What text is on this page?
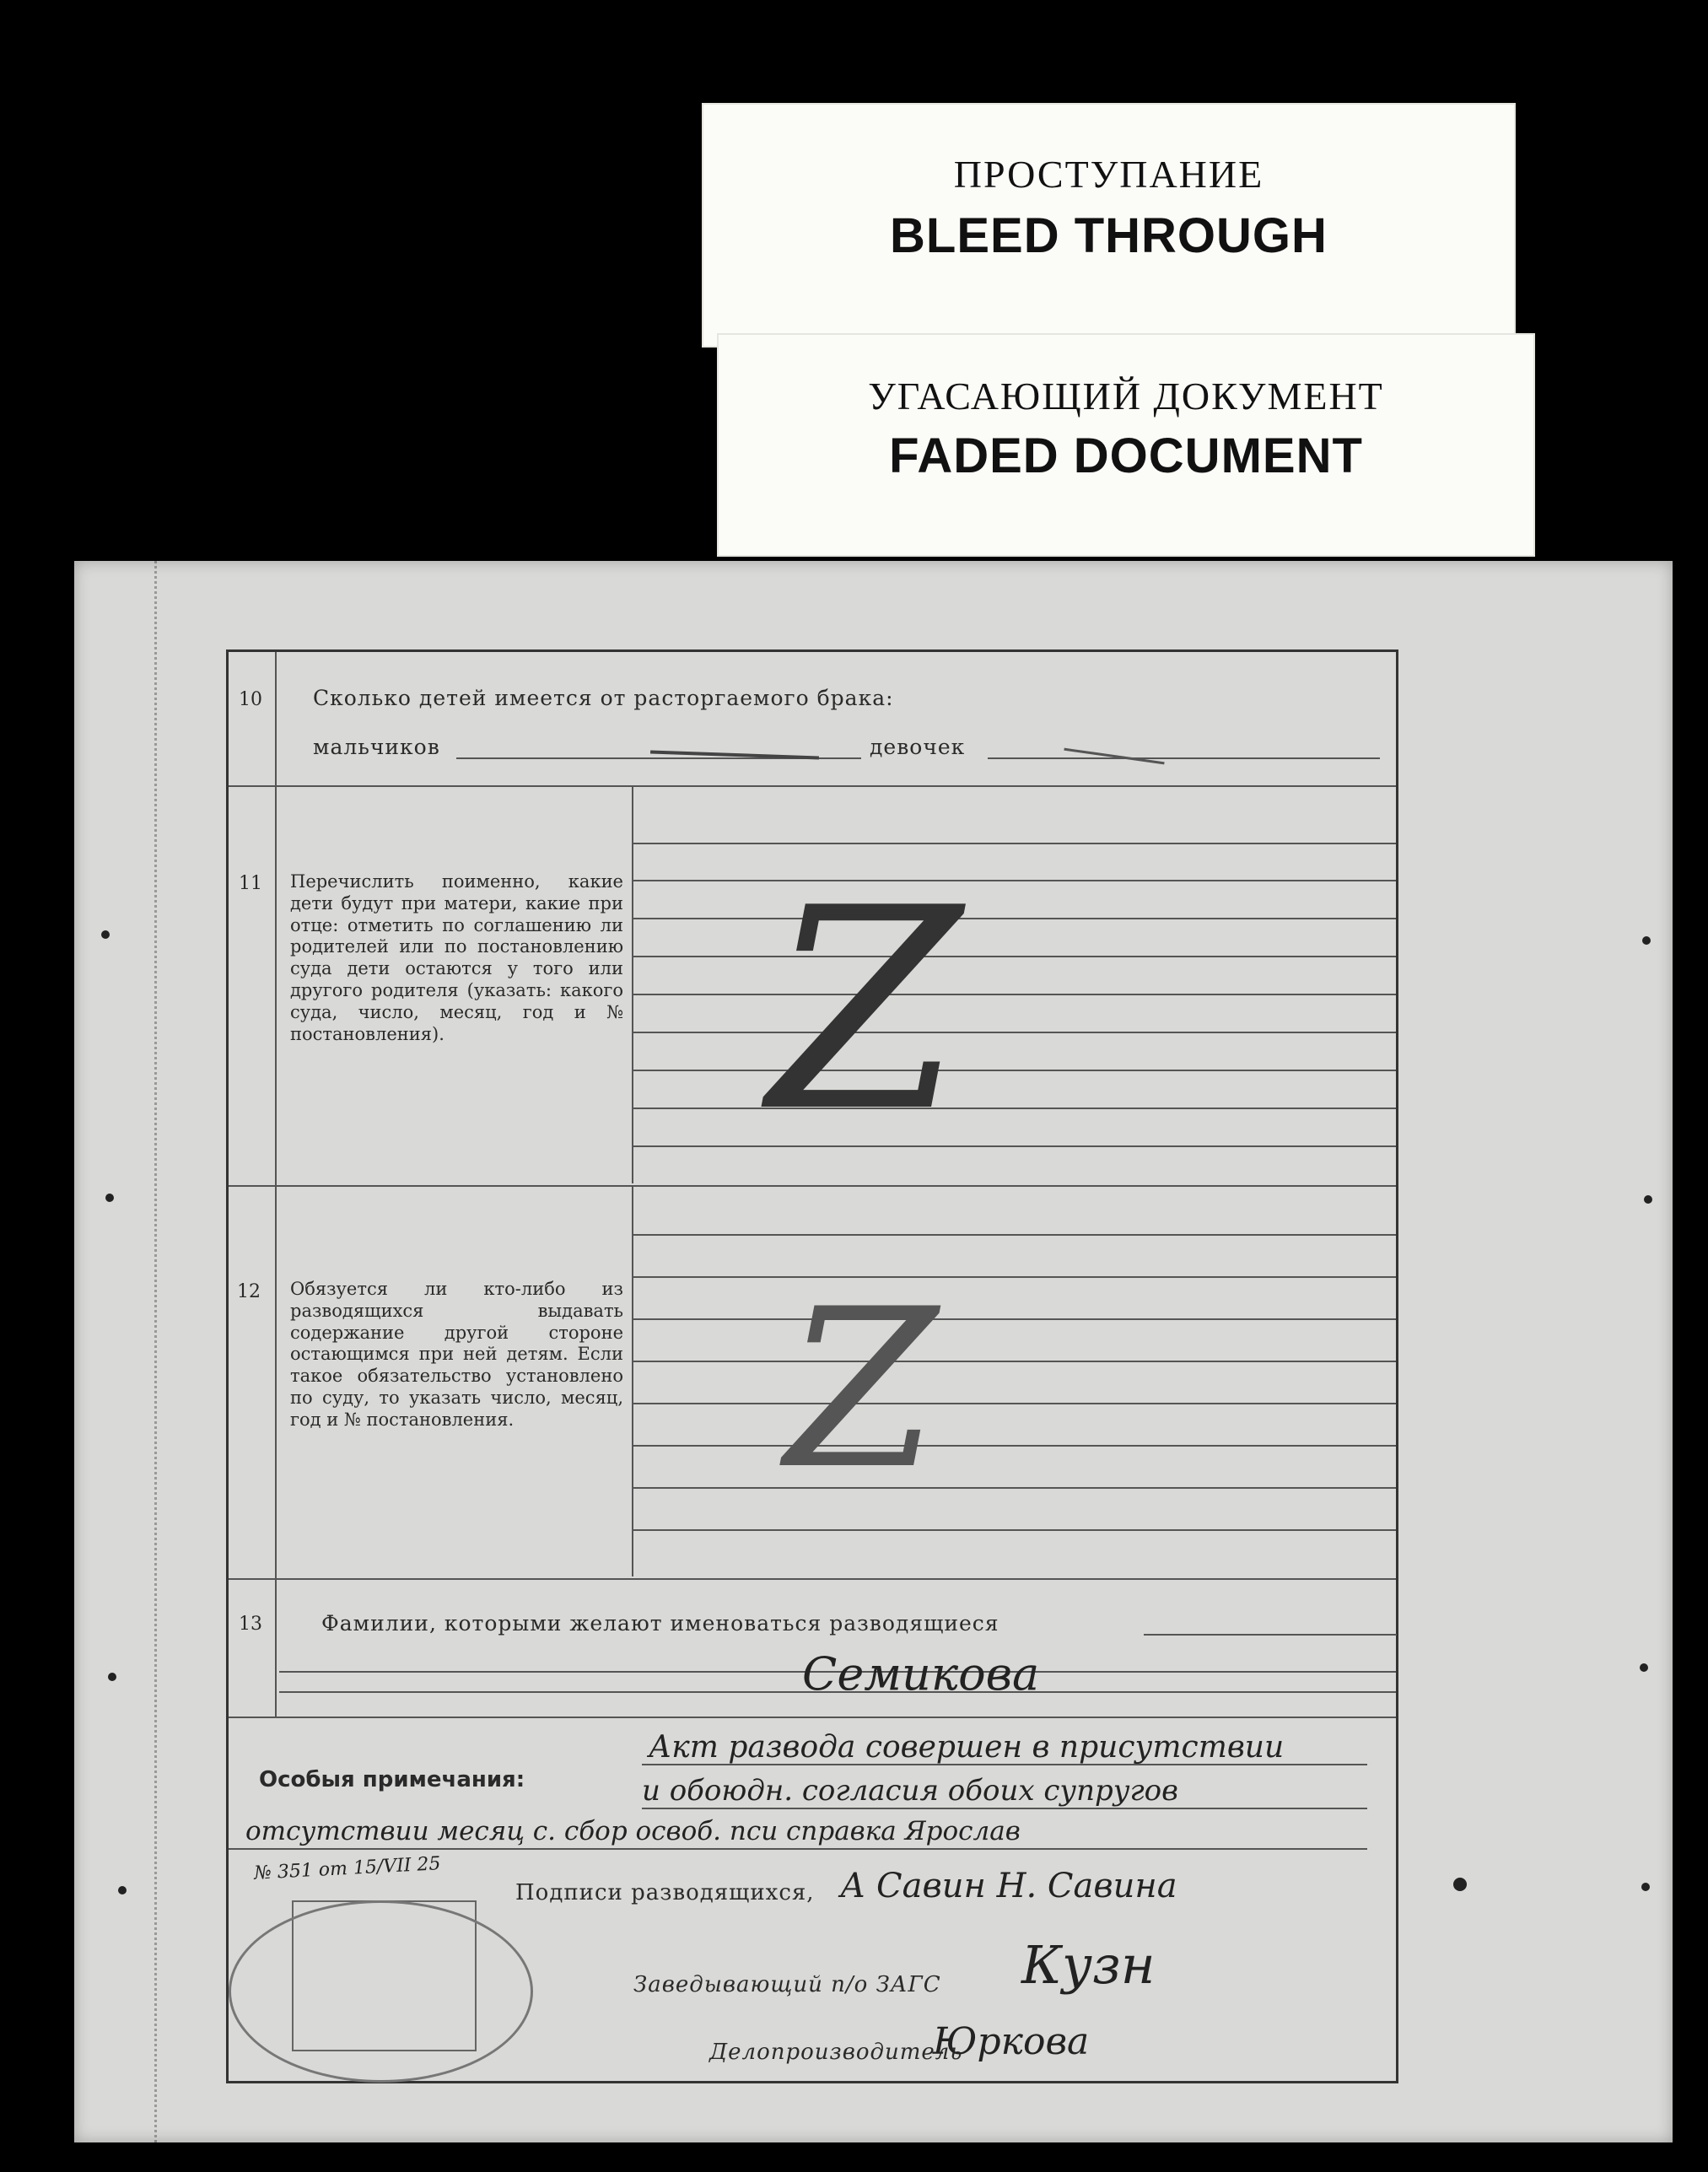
ПРОСТУПАНИЕ
BLEED THROUGH
УГАСАЮЩИЙ ДОКУМЕНТ
FADED DOCUMENT
10 Сколько детей имеется от расторгаемого брака:
мальчиков	девочек
11 Перечислить поименно, какие дети будут при матери, какие при отце: отметить по соглашению ли родителей или по постановлению суда дети остаются у того или другого родителя (указать: какого суда, число, месяц, год и № постановления).	Z
12 Обязуется ли кто-либо из разводящихся выдавать содержание другой стороне остающимся при ней детям. Если такое обязательство установлено по суду, то указать число, месяц, год и № постановления.	Z
13	Фамилии, которыми желают именоваться разводящиеся
Семикова
Особыя примечания:
Акт развода совершен в присутствии
и обоюдн. согласия обоих супругов
отсутствии месяц с. сбор освоб. пси справка Ярослав
№ 351 от 15/VII 25
Подписи разводящихся, А Савин Н. Савина
Заведывающий п/о ЗАГС Кузн
Делопроизводитель
Юркова
